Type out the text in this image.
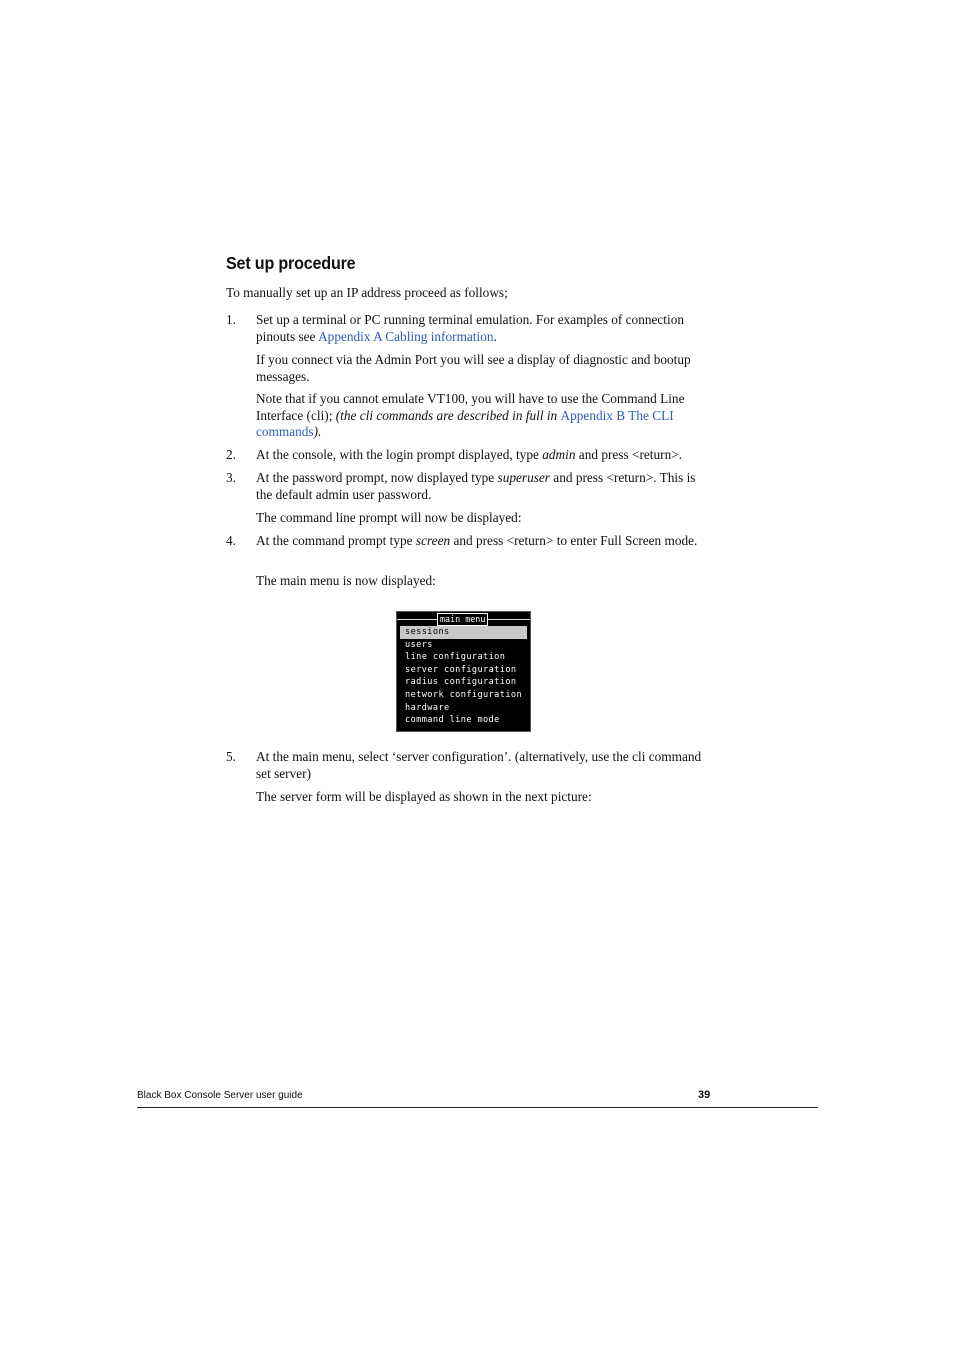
Set up procedure

To manually set up an IP address proceed as follows;

1. Set up a terminal or PC running terminal emulation. For examples of connection pinouts see Appendix A Cabling information.

If you connect via the Admin Port you will see a display of diagnostic and bootup messages.

Note that if you cannot emulate VT100, you will have to use the Command Line Interface (cli); (the cli commands are described in full in Appendix B The CLI commands).

2. At the console, with the login prompt displayed, type admin and press <return>.
3. At the password prompt, now displayed type superuser and press <return>. This is the default admin user password.

The command line prompt will now be displayed:

4. At the command prompt type screen and press <return> to enter Full Screen mode.

The main menu is now displayed:

main menu
sessions
users
line configuration
server configuration
radius configuration
network configuration
hardware
command line mode
5. At the main menu, select ‘server configuration’. (alternatively, use the cli command set server)

The server form will be displayed as shown in the next picture:

Black Box Console Server user guide	39
